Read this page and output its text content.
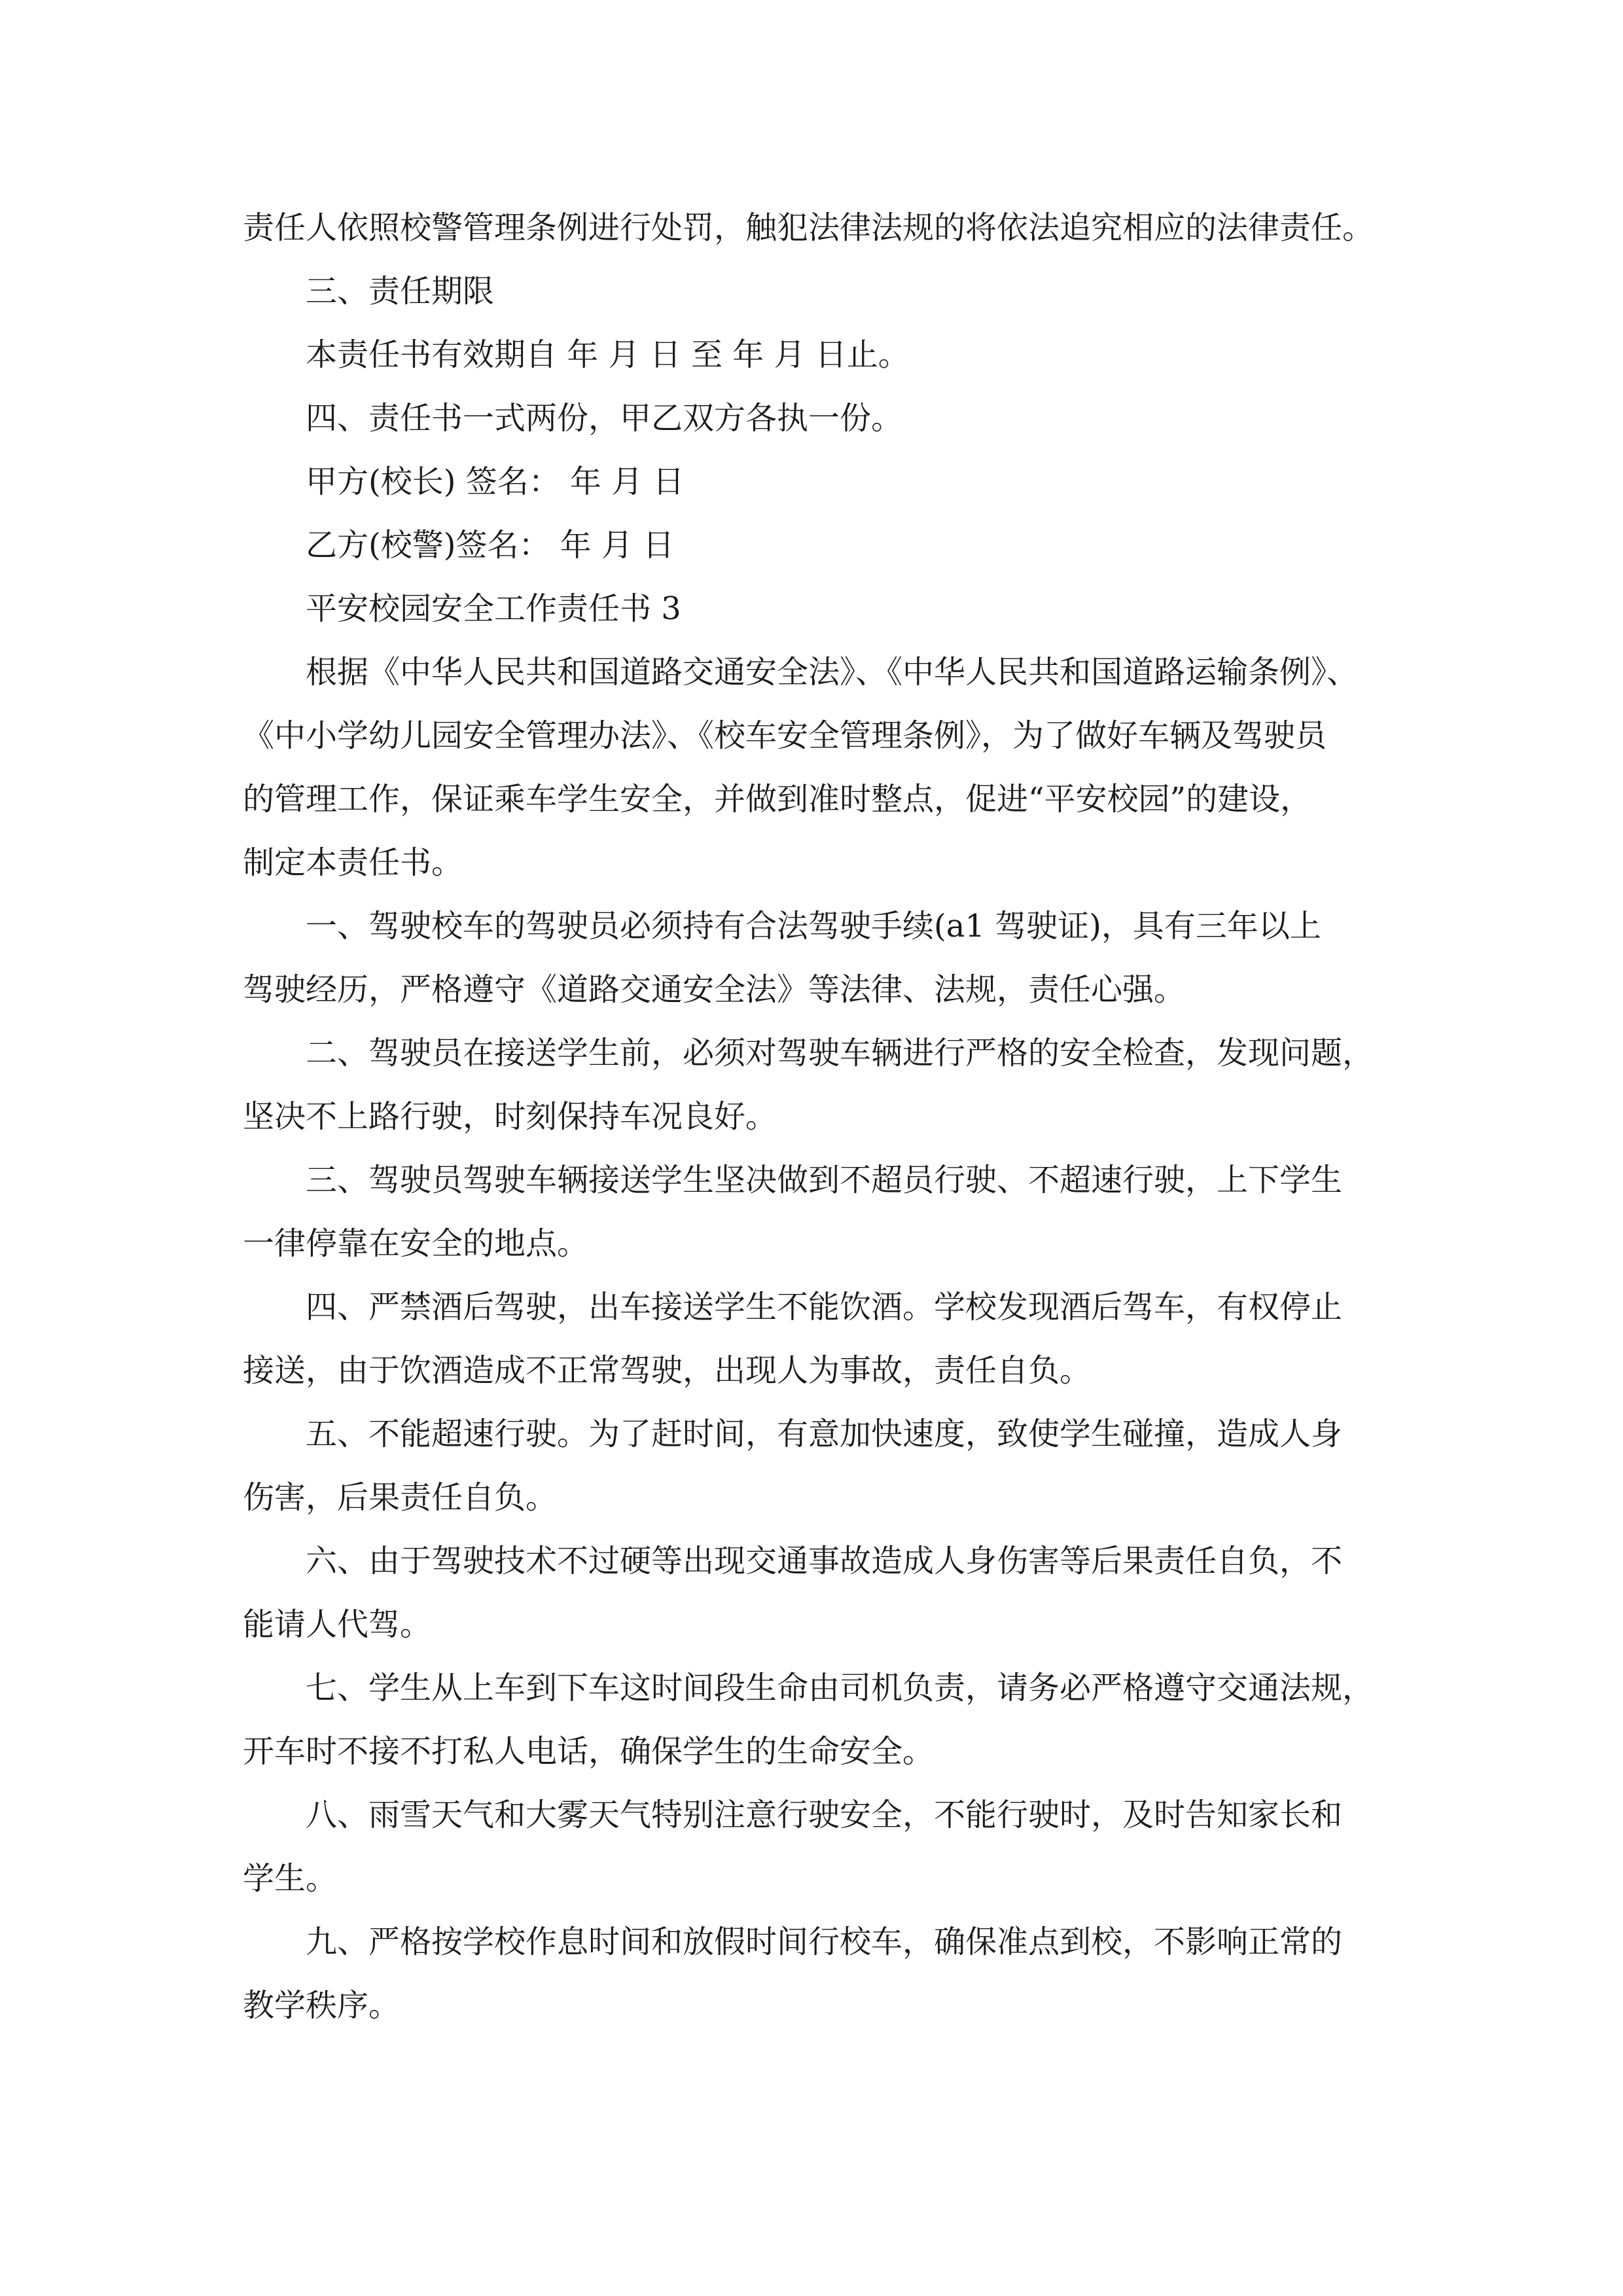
责任人依照校警管理条例进行处罚，触犯法律法规的将依法追究相应的法律责任。
三、责任期限
本责任书有效期自 年 月 日 至 年 月 日止。
四、责任书一式两份，甲乙双方各执一份。
甲方(校长) 签名： 年 月 日
乙方(校警)签名： 年 月 日
平安校园安全工作责任书 3
根据《中华人民共和国道路交通安全法》、《中华人民共和国道路运输条例》、
《中小学幼儿园安全管理办法》、《校车安全管理条例》，为了做好车辆及驾驶员
的管理工作，保证乘车学生安全，并做到准时整点，促进“平安校园”的建设，
制定本责任书。
一、驾驶校车的驾驶员必须持有合法驾驶手续(a1 驾驶证)，具有三年以上
驾驶经历，严格遵守《道路交通安全法》等法律、法规，责任心强。
二、驾驶员在接送学生前，必须对驾驶车辆进行严格的安全检查，发现问题，
坚决不上路行驶，时刻保持车况良好。
三、驾驶员驾驶车辆接送学生坚决做到不超员行驶、不超速行驶，上下学生
一律停靠在安全的地点。
四、严禁酒后驾驶，出车接送学生不能饮酒。学校发现酒后驾车，有权停止
接送，由于饮酒造成不正常驾驶，出现人为事故，责任自负。
五、不能超速行驶。为了赶时间，有意加快速度，致使学生碰撞，造成人身
伤害，后果责任自负。
六、由于驾驶技术不过硬等出现交通事故造成人身伤害等后果责任自负，不
能请人代驾。
七、学生从上车到下车这时间段生命由司机负责，请务必严格遵守交通法规，
开车时不接不打私人电话，确保学生的生命安全。
八、雨雪天气和大雾天气特别注意行驶安全，不能行驶时，及时告知家长和
学生。
九、严格按学校作息时间和放假时间行校车，确保准点到校，不影响正常的
教学秩序。
